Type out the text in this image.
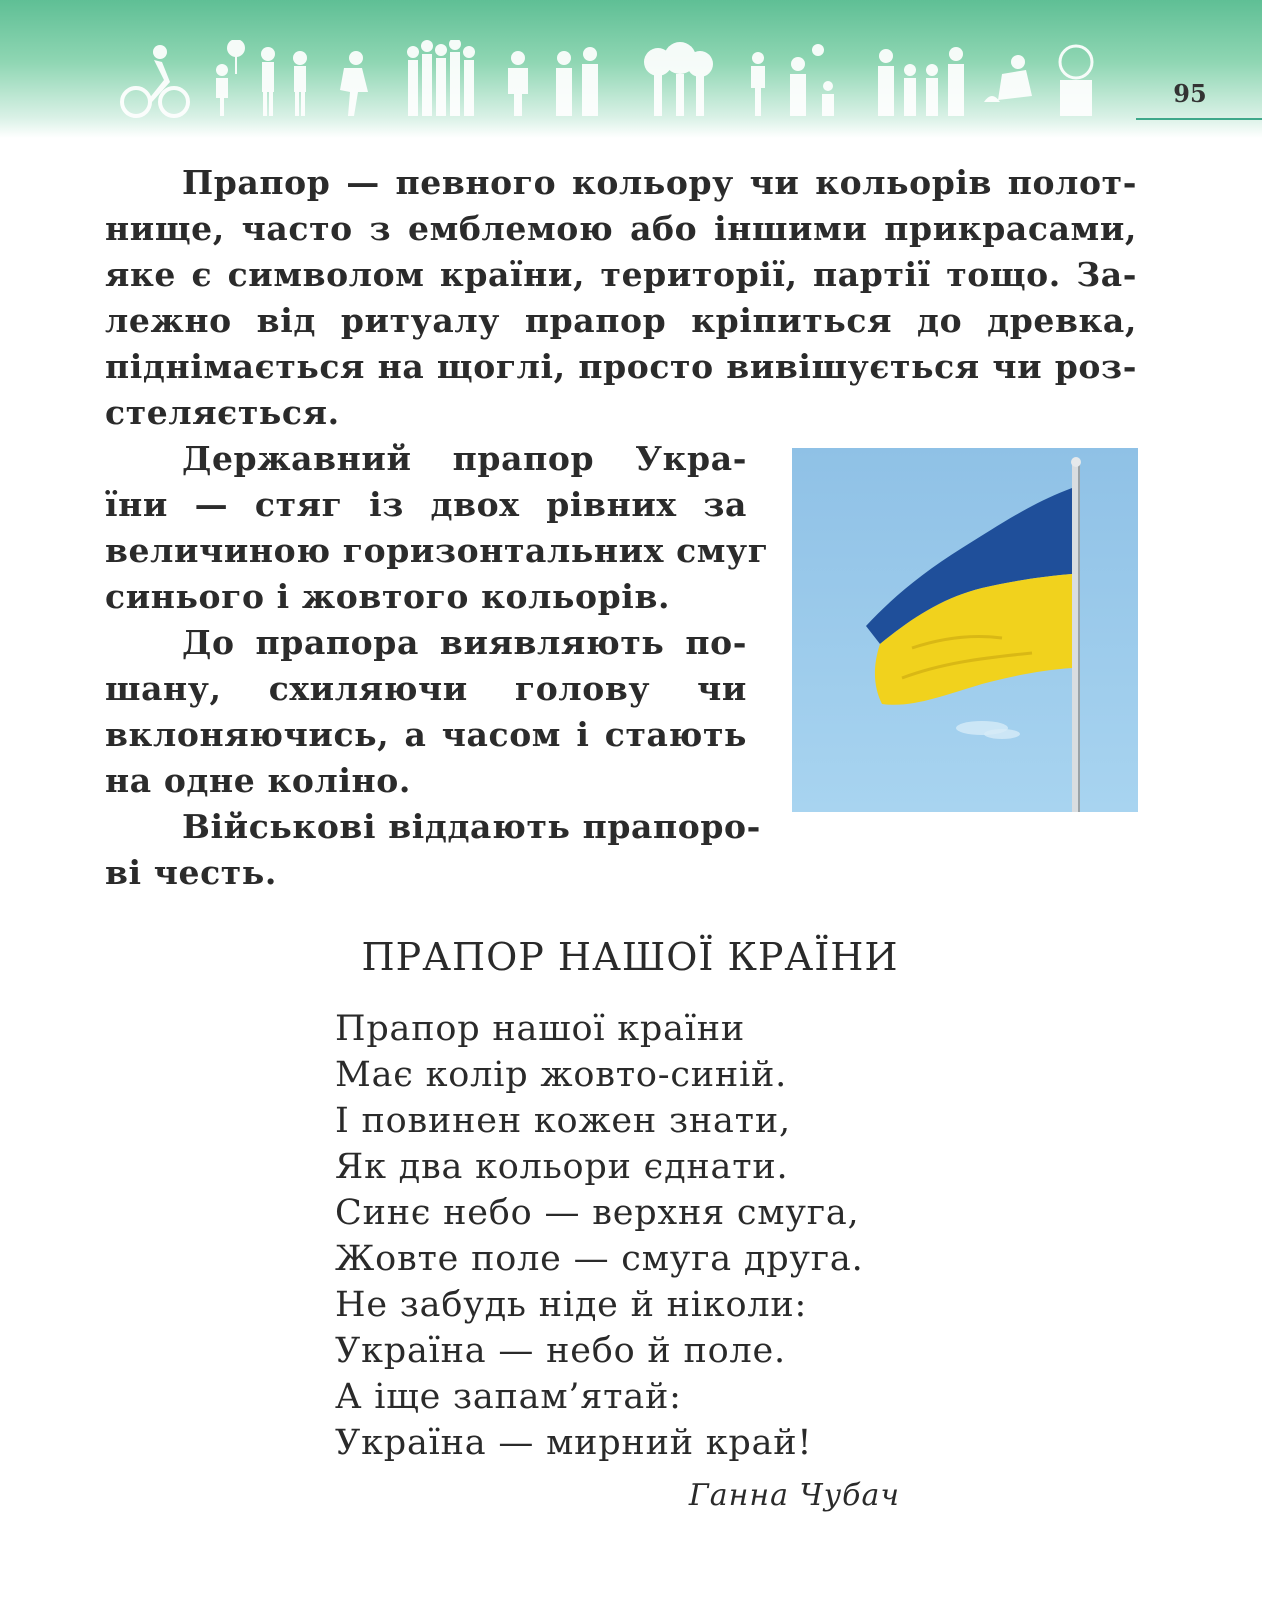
95

Прапор — певного кольору чи кольорів полот-
нище, часто з емблемою або іншими прикрасами,
яке є символом країни, території, партії тощо. За-
лежно від ритуалу прапор кріпиться до древка,
піднімається на щоглі, просто вивішується чи роз-
стеляється.

Державний прапор Укра-
їни — стяг із двох рівних за
величиною горизонтальних смуг
синього і жовтого кольорів.

До прапора виявляють по-
шану, схиляючи голову чи
вклоняючись, а часом і стають
на одне коліно.

Військові віддають прапоро-
ві честь.

ПРАПОР НАШОЇ КРАЇНИ

Прапор нашої країни
Має колір жовто-синій.
І повинен кожен знати,
Як два кольори єднати.
Синє небо — верхня смуга,
Жовте поле — смуга друга.
Не забудь ніде й ніколи:
Україна — небо й поле.
А іще запам’ятай:
Україна — мирний край!

Ганна Чубач
